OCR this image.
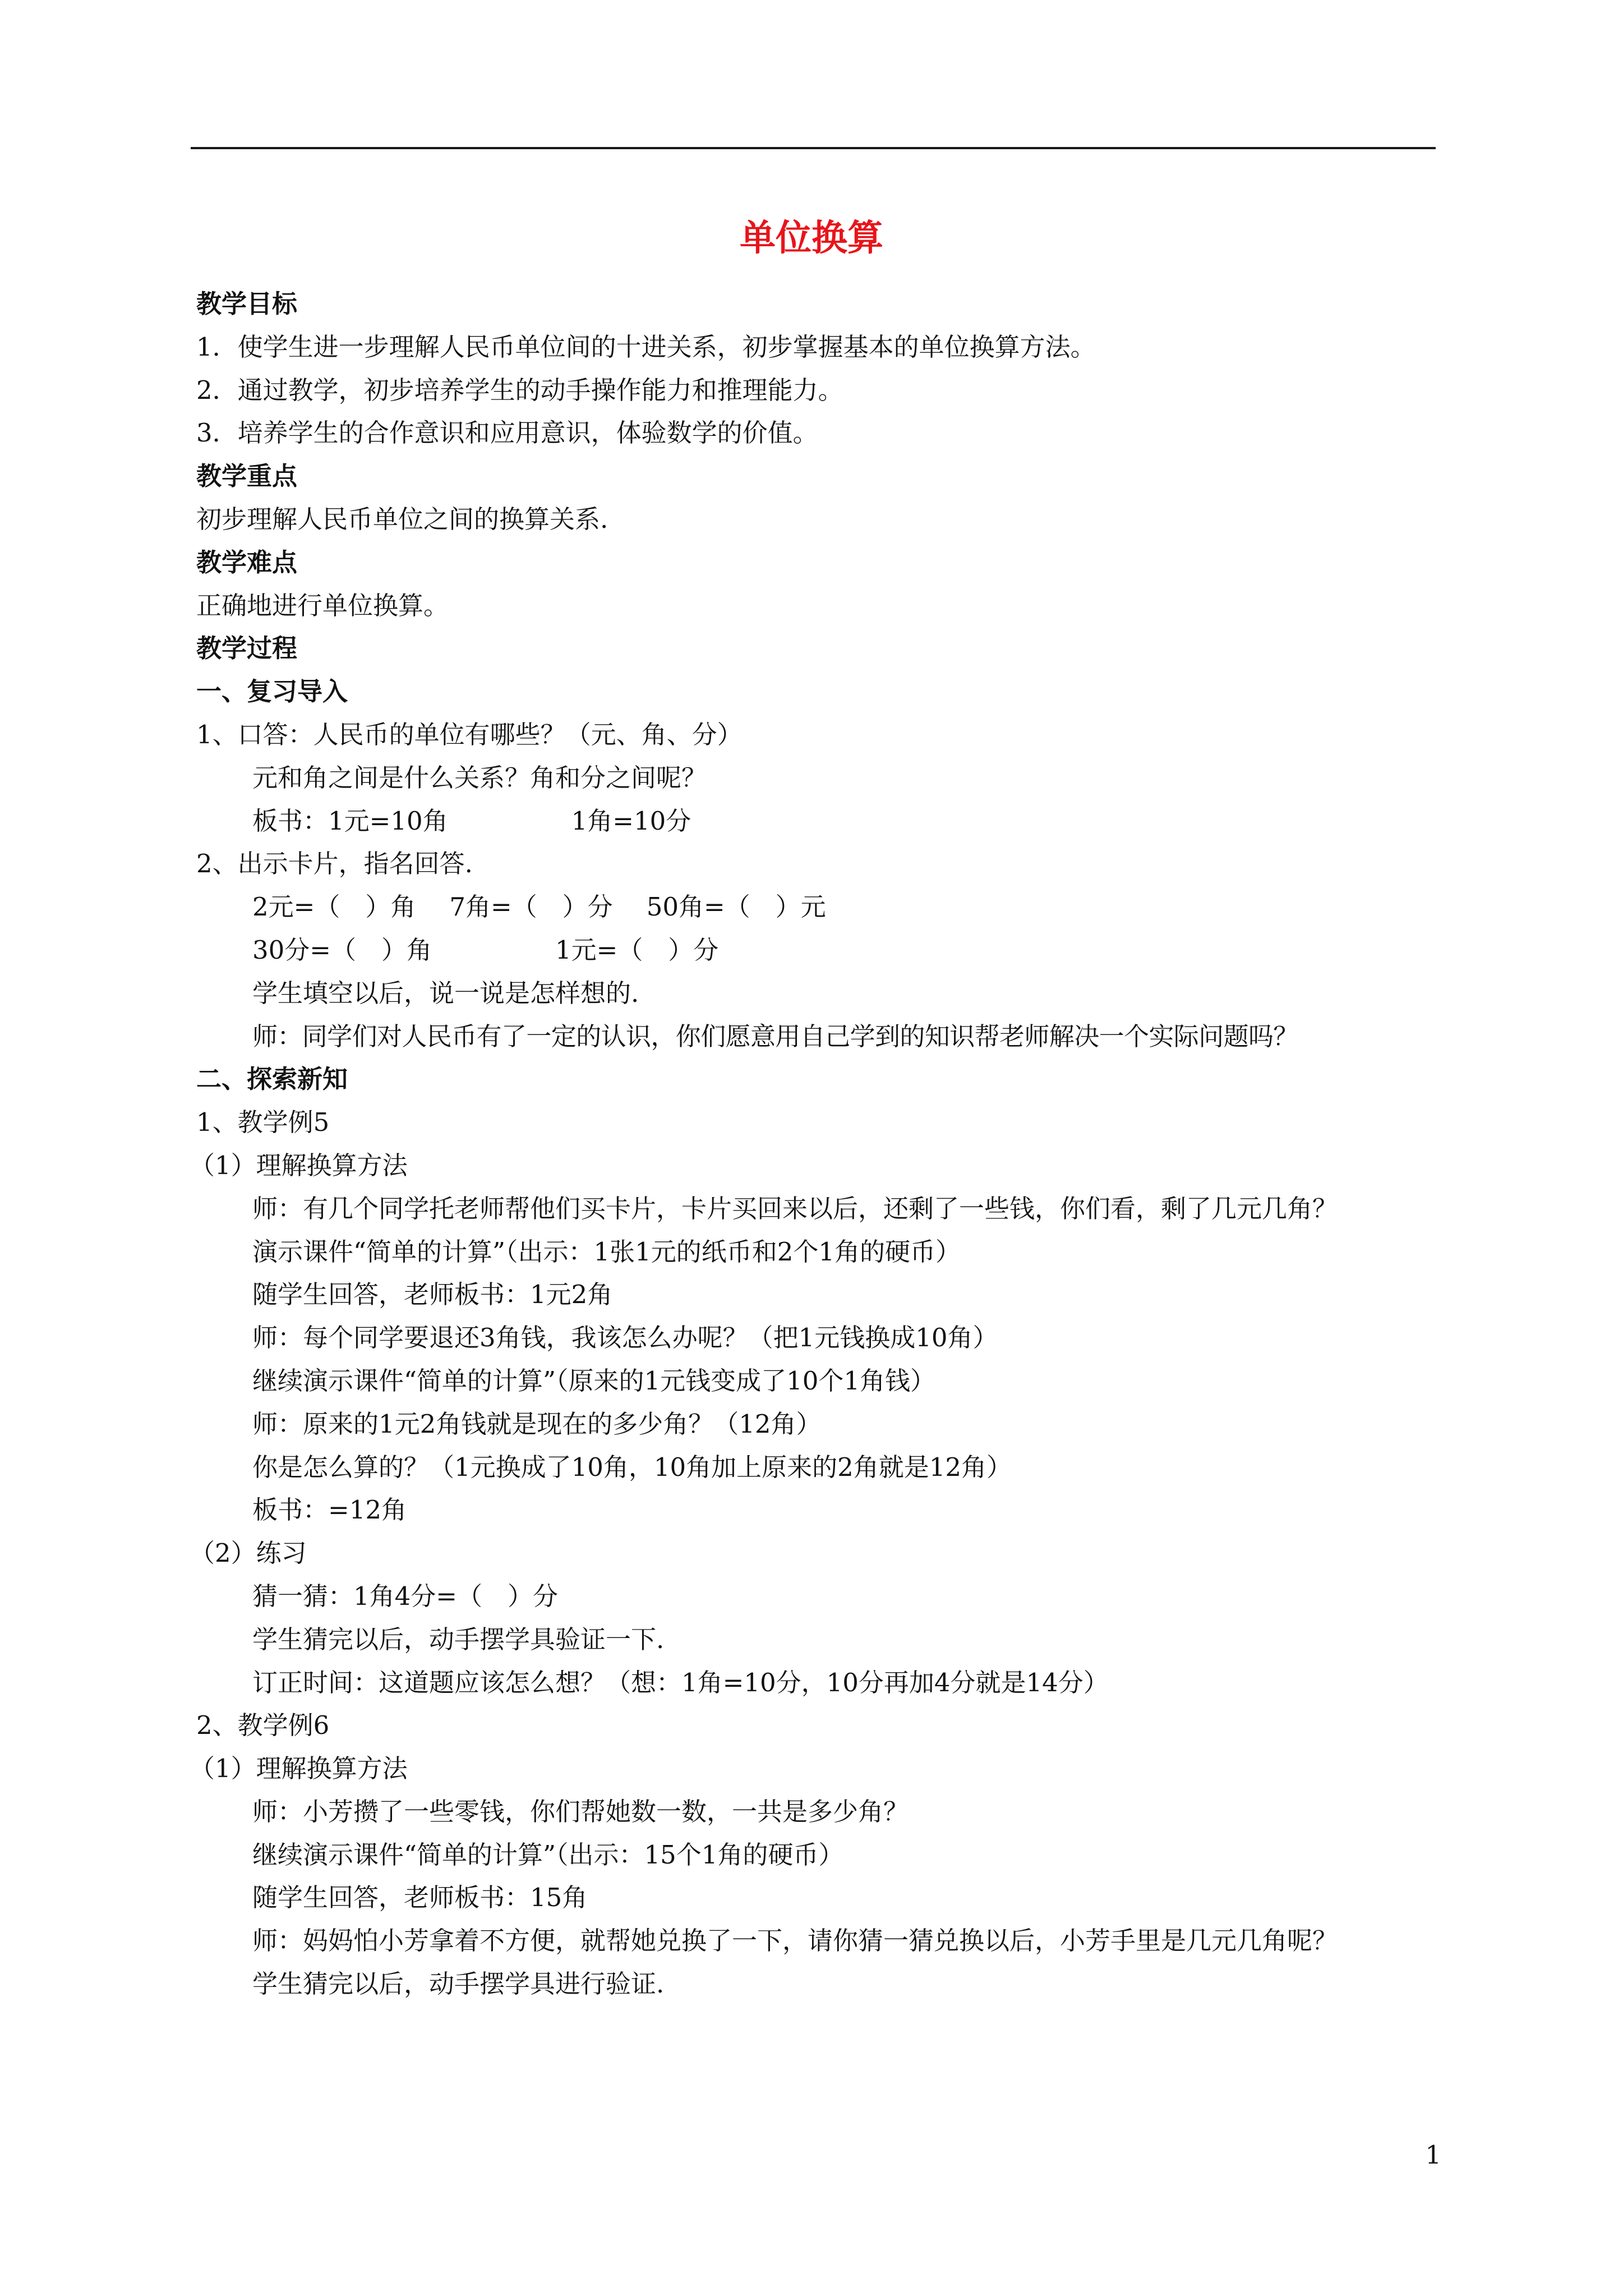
单位换算
教学目标
1．使学生进一步理解人民币单位间的十进关系，初步掌握基本的单位换算方法。
2．通过教学，初步培养学生的动手操作能力和推理能力。
3．培养学生的合作意识和应用意识，体验数学的价值。
教学重点
初步理解人民币单位之间的换算关系.
教学难点
正确地进行单位换算。
教学过程
一、复习导入
1、口答：人民币的单位有哪些？（元、角、分）
元和角之间是什么关系？角和分之间呢？
板书：1元=10角	1角=10分
2、出示卡片，指名回答.
2元=（　）角 7角=（　）分 50角=（　）元
30分=（　）角	1元=（　）分
学生填空以后，说一说是怎样想的.
师：同学们对人民币有了一定的认识，你们愿意用自己学到的知识帮老师解决一个实际问题吗？
二、探索新知
1、教学例5
（1）理解换算方法
师：有几个同学托老师帮他们买卡片，卡片买回来以后，还剩了一些钱，你们看，剩了几元几角？
演示课件“简单的计算”（出示：1张1元的纸币和2个1角的硬币）
随学生回答，老师板书：1元2角
师：每个同学要退还3角钱，我该怎么办呢？（把1元钱换成10角）
继续演示课件“简单的计算”（原来的1元钱变成了10个1角钱）
师：原来的1元2角钱就是现在的多少角？（12角）
你是怎么算的？（1元换成了10角，10角加上原来的2角就是12角）
板书：=12角
（2）练习
猜一猜：1角4分=（　）分
学生猜完以后，动手摆学具验证一下.
订正时间：这道题应该怎么想？（想：1角=10分，10分再加4分就是14分）
2、教学例6
（1）理解换算方法
师：小芳攒了一些零钱，你们帮她数一数，一共是多少角？
继续演示课件“简单的计算”（出示：15个1角的硬币）
随学生回答，老师板书：15角
师：妈妈怕小芳拿着不方便，就帮她兑换了一下，请你猜一猜兑换以后，小芳手里是几元几角呢？
学生猜完以后，动手摆学具进行验证.
1
